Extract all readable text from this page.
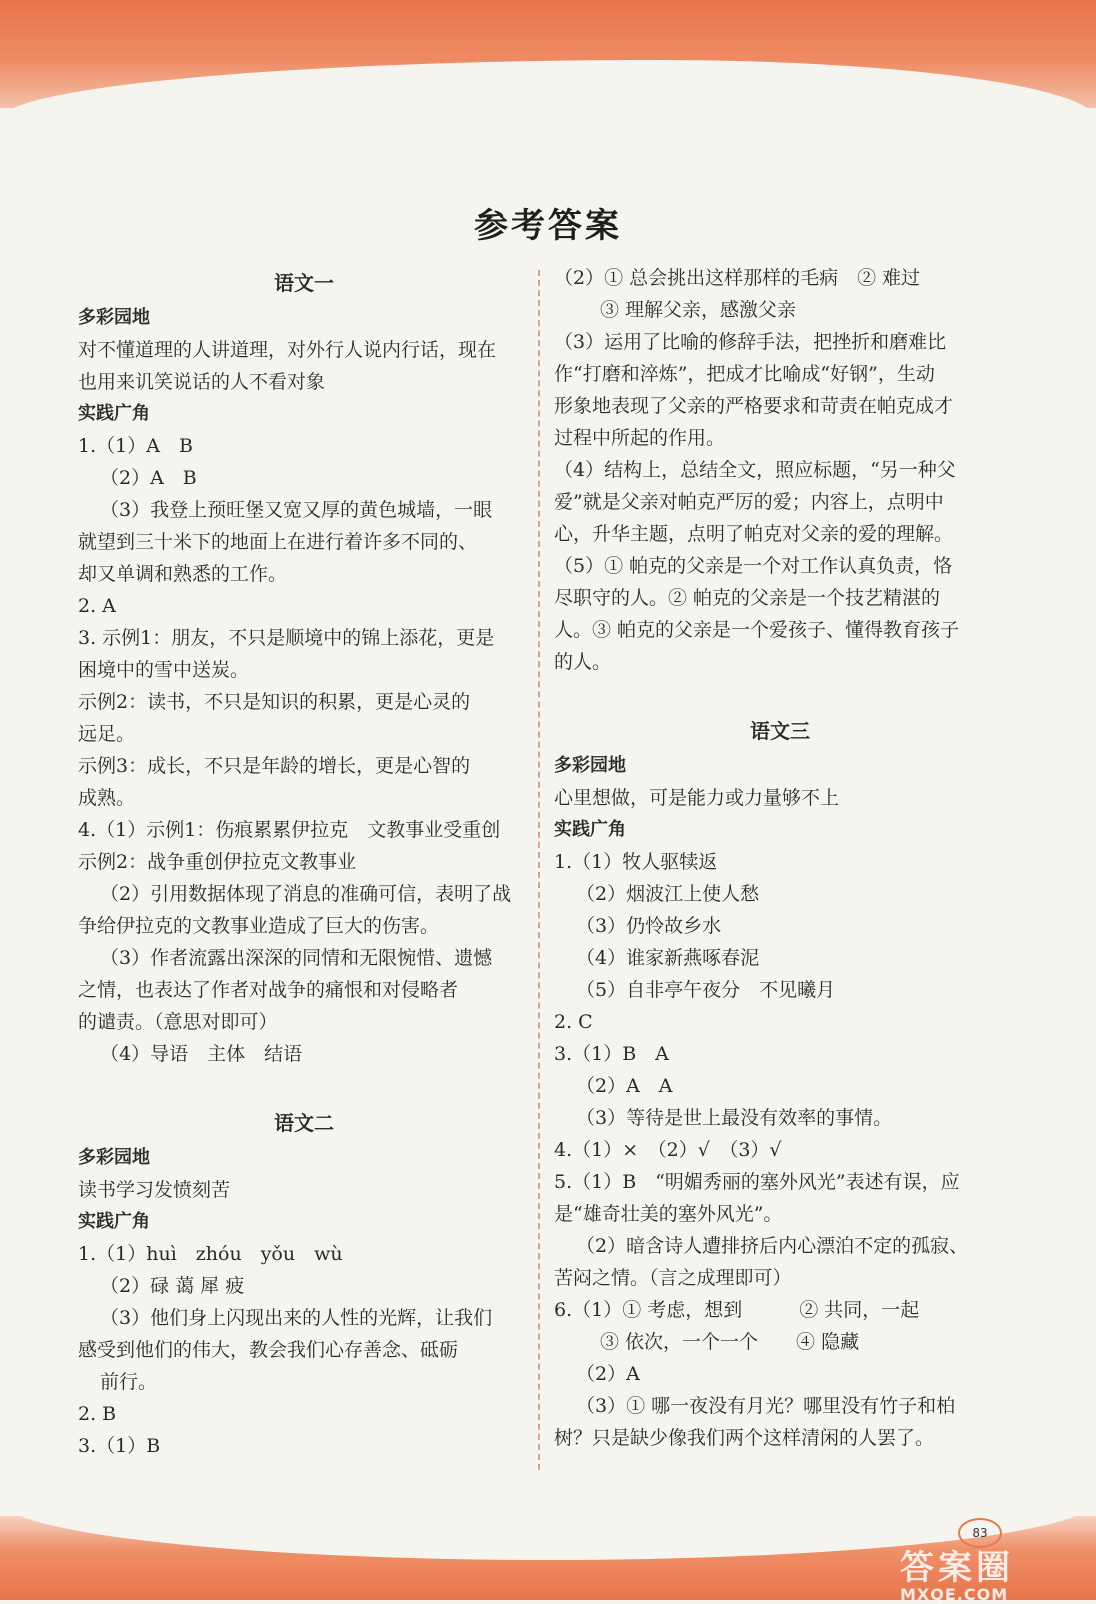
参考答案
语文一
多彩园地
对不懂道理的人讲道理，对外行人说内行话，现在
也用来讥笑说话的人不看对象
实践广角
1.（1）A　B
（2）A　B
（3）我登上预旺堡又宽又厚的黄色城墙，一眼
就望到三十米下的地面上在进行着许多不同的、
却又单调和熟悉的工作。
2. A
3. 示例1：朋友，不只是顺境中的锦上添花，更是
困境中的雪中送炭。
示例2：读书，不只是知识的积累，更是心灵的
远足。
示例3：成长，不只是年龄的增长，更是心智的
成熟。
4.（1）示例1：伤痕累累伊拉克　文教事业受重创
示例2：战争重创伊拉克文教事业
（2）引用数据体现了消息的准确可信，表明了战
争给伊拉克的文教事业造成了巨大的伤害。
（3）作者流露出深深的同情和无限惋惜、遗憾
之情，也表达了作者对战争的痛恨和对侵略者
的谴责。（意思对即可）
（4）导语　主体　结语
语文二
多彩园地
读书学习发愤刻苦
实践广角
1.（1）huì　zhóu　yǒu　wù
（2）碌 蔼 犀 疲
（3）他们身上闪现出来的人性的光辉，让我们
感受到他们的伟大，教会我们心存善念、砥砺
前行。
2. B
3.（1）B
（2）① 总会挑出这样那样的毛病　② 难过
③ 理解父亲，感激父亲
（3）运用了比喻的修辞手法，把挫折和磨难比
作“打磨和淬炼”，把成才比喻成“好钢”，生动
形象地表现了父亲的严格要求和苛责在帕克成才
过程中所起的作用。
（4）结构上，总结全文，照应标题，“另一种父
爱”就是父亲对帕克严厉的爱；内容上，点明中
心，升华主题，点明了帕克对父亲的爱的理解。
（5）① 帕克的父亲是一个对工作认真负责，恪
尽职守的人。② 帕克的父亲是一个技艺精湛的
人。③ 帕克的父亲是一个爱孩子、懂得教育孩子
的人。
语文三
多彩园地
心里想做，可是能力或力量够不上
实践广角
1.（1）牧人驱犊返
（2）烟波江上使人愁
（3）仍怜故乡水
（4）谁家新燕啄春泥
（5）自非亭午夜分　不见曦月
2. C
3.（1）B　A
（2）A　A
（3）等待是世上最没有效率的事情。
4.（1）×　（2）√　（3）√
5.（1）B　“明媚秀丽的塞外风光”表述有误，应
是“雄奇壮美的塞外风光”。
（2）暗含诗人遭排挤后内心漂泊不定的孤寂、
苦闷之情。（言之成理即可）
6.（1）① 考虑，想到　　　② 共同，一起
③ 依次，一个一个　　④ 隐藏
（2）A
（3）① 哪一夜没有月光？哪里没有竹子和柏
树？只是缺少像我们两个这样清闲的人罢了。
83
答案圈
MXQE.COM
